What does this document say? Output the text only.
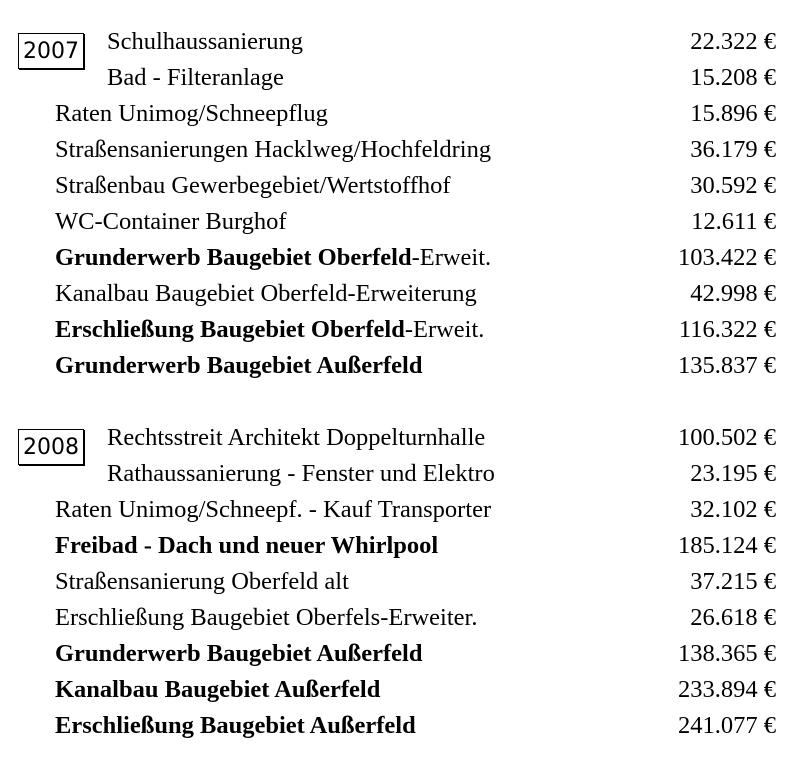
2007 Schulhaussanierung	22.322 €
Bad - Filteranlage	15.208 €
Raten Unimog/Schneepflug	15.896 €
Straßensanierungen Hacklweg/Hochfeldring	36.179 €
Straßenbau Gewerbegebiet/Wertstoffhof	30.592 €
WC-Container Burghof	12.611 €
Grunderwerb Baugebiet Oberfeld-Erweit.	103.422 €
Kanalbau Baugebiet Oberfeld-Erweiterung	42.998 €
Erschließung Baugebiet Oberfeld-Erweit.	116.322 €
Grunderwerb Baugebiet Außerfeld	135.837 €
2008 Rechtsstreit Architekt Doppelturnhalle	100.502 €
Rathaussanierung - Fenster und Elektro	23.195 €
Raten Unimog/Schneepf. - Kauf Transporter	32.102 €
Freibad - Dach und neuer Whirlpool	185.124 €
Straßensanierung Oberfeld alt	37.215 €
Erschließung Baugebiet Oberfels-Erweiter.	26.618 €
Grunderwerb Baugebiet Außerfeld	138.365 €
Kanalbau Baugebiet Außerfeld	233.894 €
Erschließung Baugebiet Außerfeld	241.077 €
